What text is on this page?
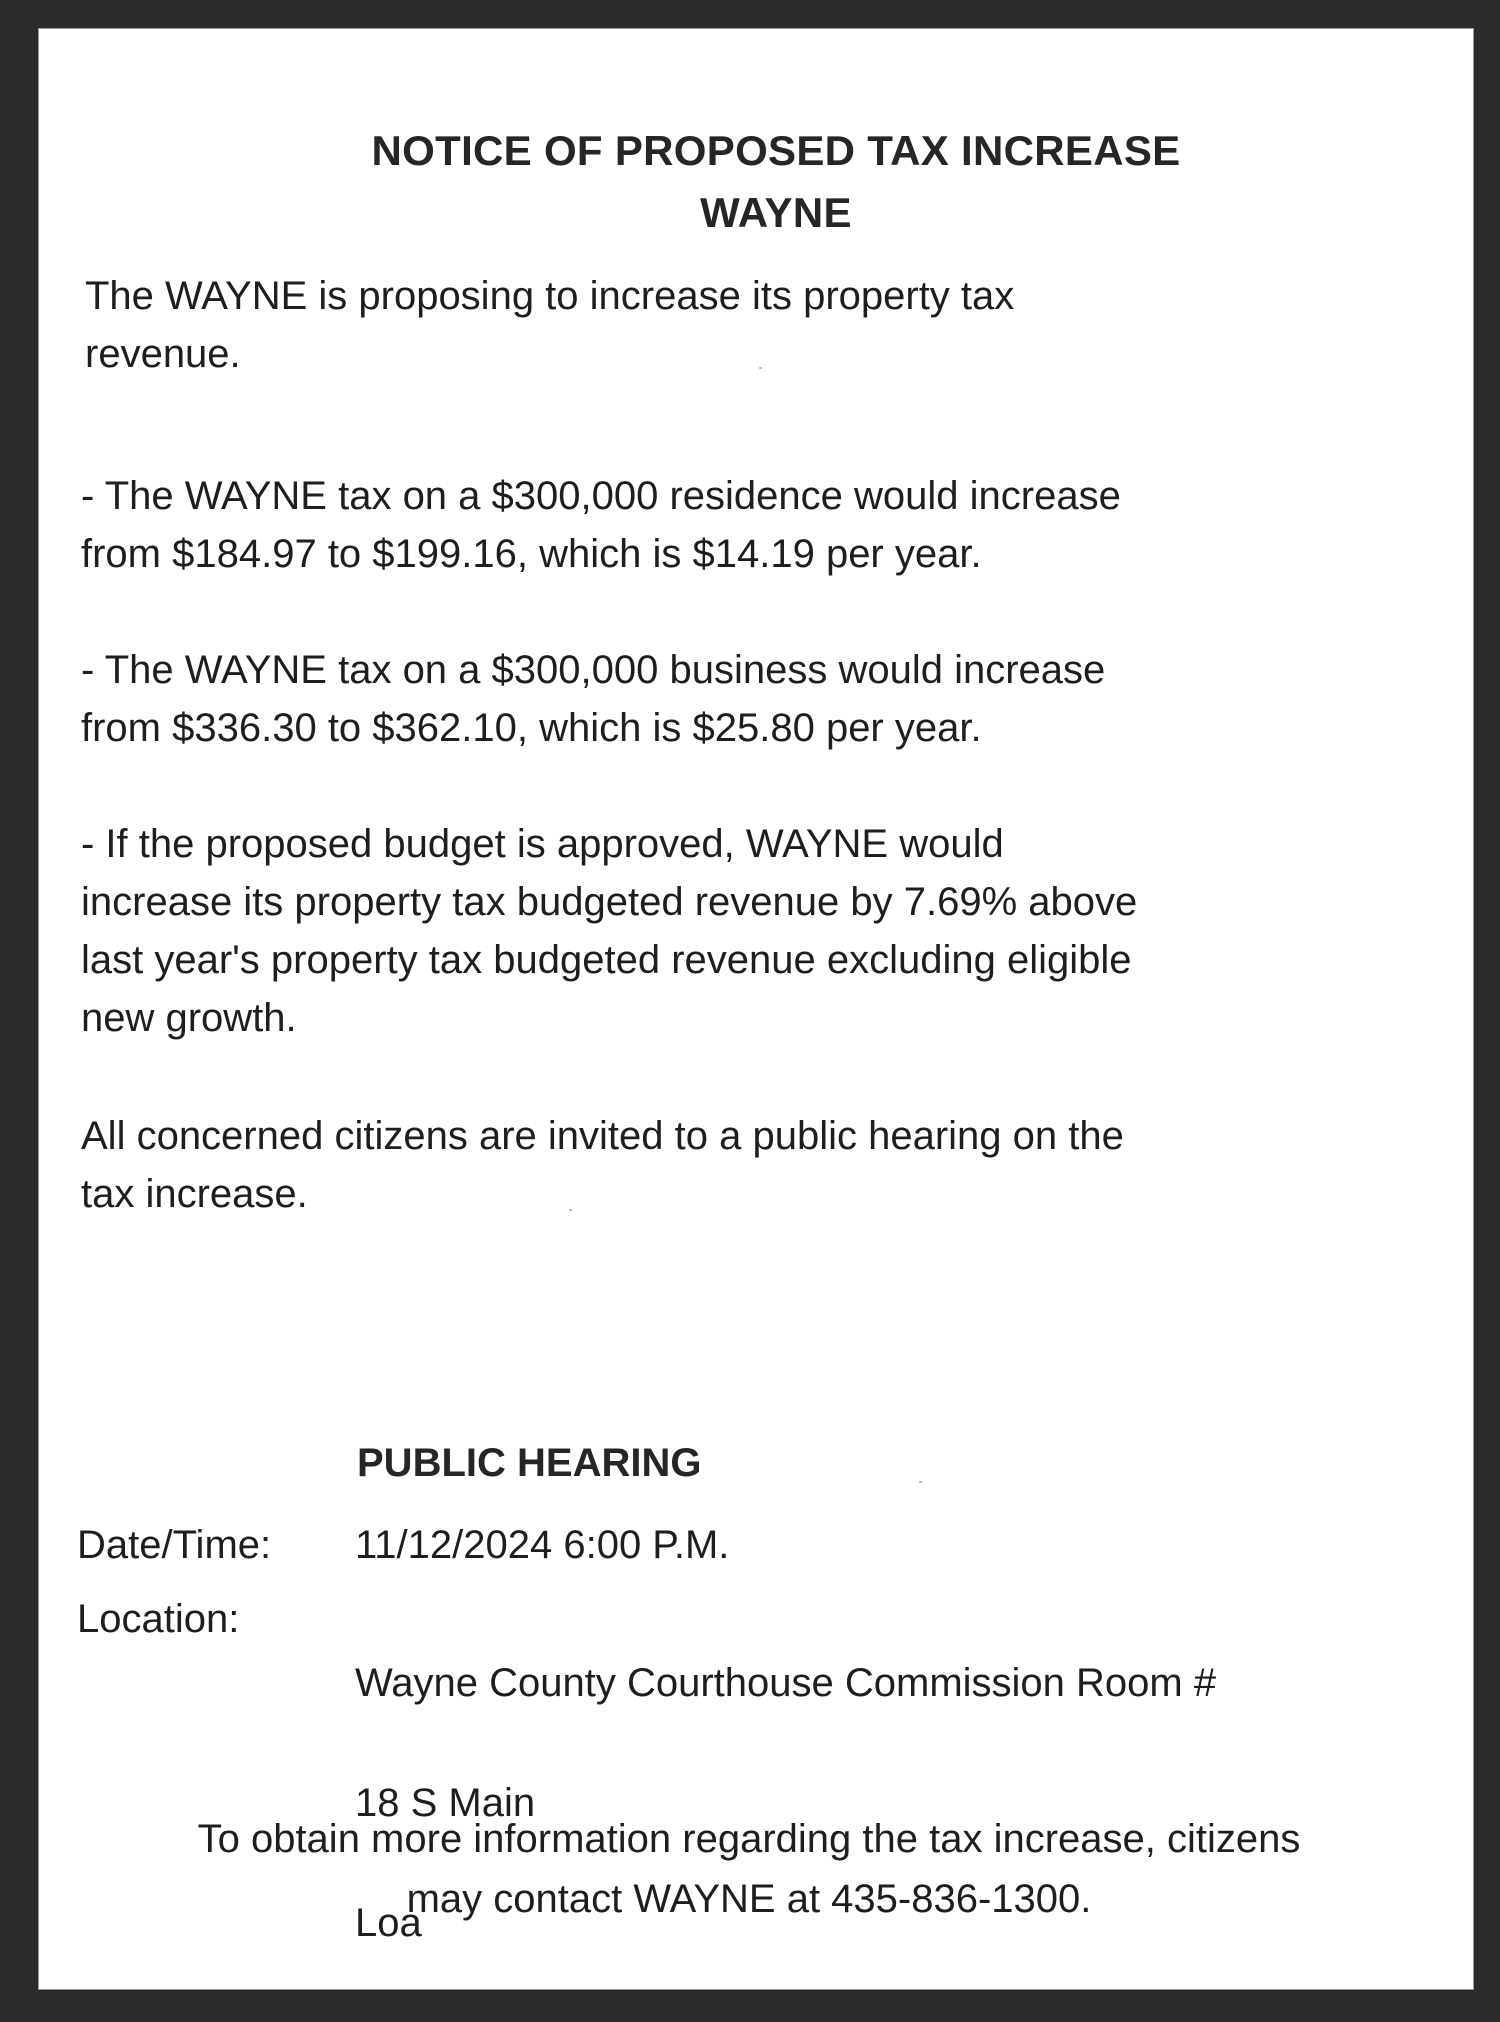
NOTICE OF PROPOSED TAX INCREASE
WAYNE
The WAYNE is proposing to increase its property tax
revenue.
- The WAYNE tax on a $300,000 residence would increase
from $184.97 to $199.16, which is $14.19 per year.
- The WAYNE tax on a $300,000 business would increase
from $336.30 to $362.10, which is $25.80 per year.
- If the proposed budget is approved, WAYNE would
increase its property tax budgeted revenue by 7.69% above
last year's property tax budgeted revenue excluding eligible
new growth.
All concerned citizens are invited to a public hearing on the
tax increase.
PUBLIC HEARING
Date/Time: 11/12/2024 6:00 P.M.
Location:

Wayne County Courthouse Commission Room #

18 S Main

Loa

To obtain more information regarding the tax increase, citizens
may contact WAYNE at 435-836-1300.
